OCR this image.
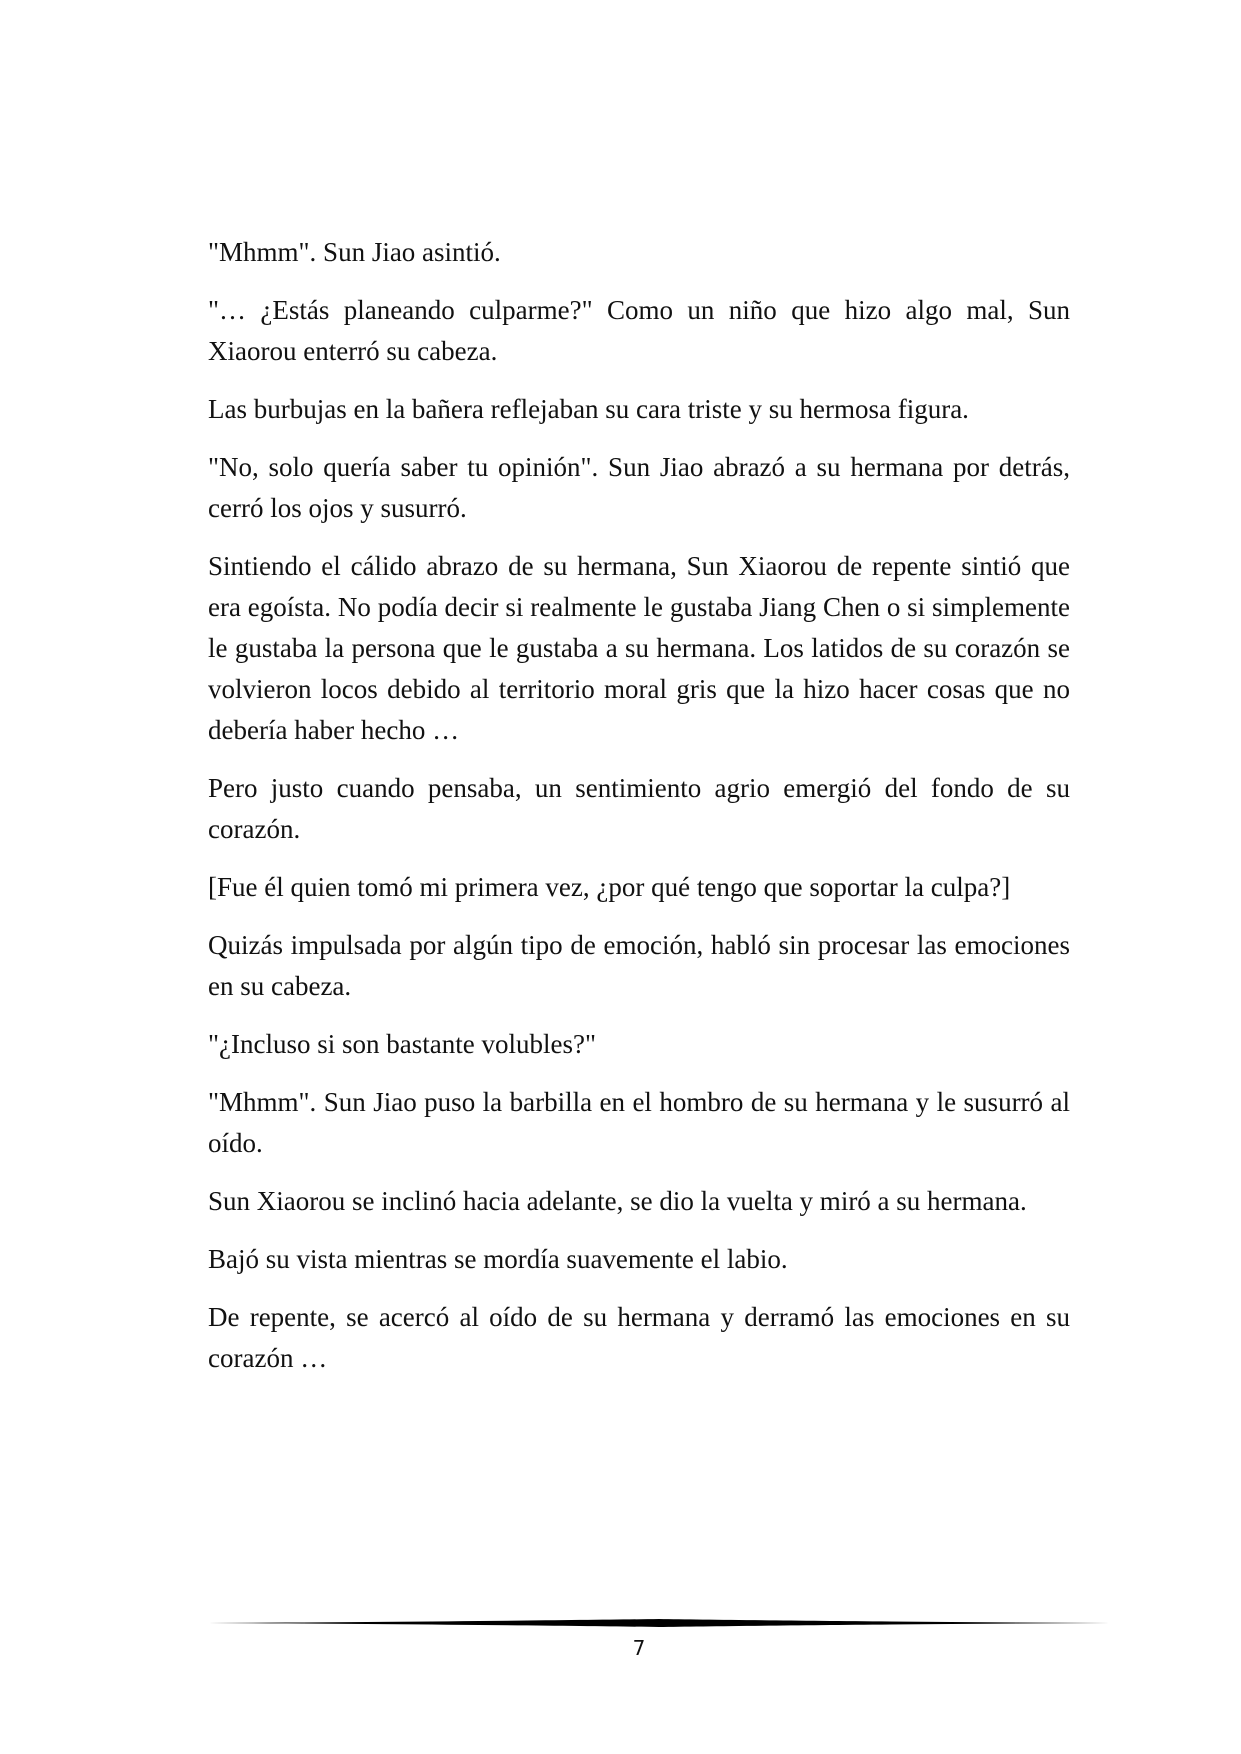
"Mhmm". Sun Jiao asintió.

"… ¿Estás planeando culparme?" Como un niño que hizo algo mal, Sun Xiaorou enterró su cabeza.

Las burbujas en la bañera reflejaban su cara triste y su hermosa figura.

"No, solo quería saber tu opinión". Sun Jiao abrazó a su hermana por detrás, cerró los ojos y susurró.

Sintiendo el cálido abrazo de su hermana, Sun Xiaorou de repente sintió que era egoísta. No podía decir si realmente le gustaba Jiang Chen o si simplemente le gustaba la persona que le gustaba a su hermana. Los latidos de su corazón se volvieron locos debido al territorio moral gris que la hizo hacer cosas que no debería haber hecho …

Pero justo cuando pensaba, un sentimiento agrio emergió del fondo de su corazón.

[Fue él quien tomó mi primera vez, ¿por qué tengo que soportar la culpa?]

Quizás impulsada por algún tipo de emoción, habló sin procesar las emociones en su cabeza.

"¿Incluso si son bastante volubles?"

"Mhmm". Sun Jiao puso la barbilla en el hombro de su hermana y le susurró al oído.

Sun Xiaorou se inclinó hacia adelante, se dio la vuelta y miró a su hermana.

Bajó su vista mientras se mordía suavemente el labio.

De repente, se acercó al oído de su hermana y derramó las emociones en su corazón …

7
